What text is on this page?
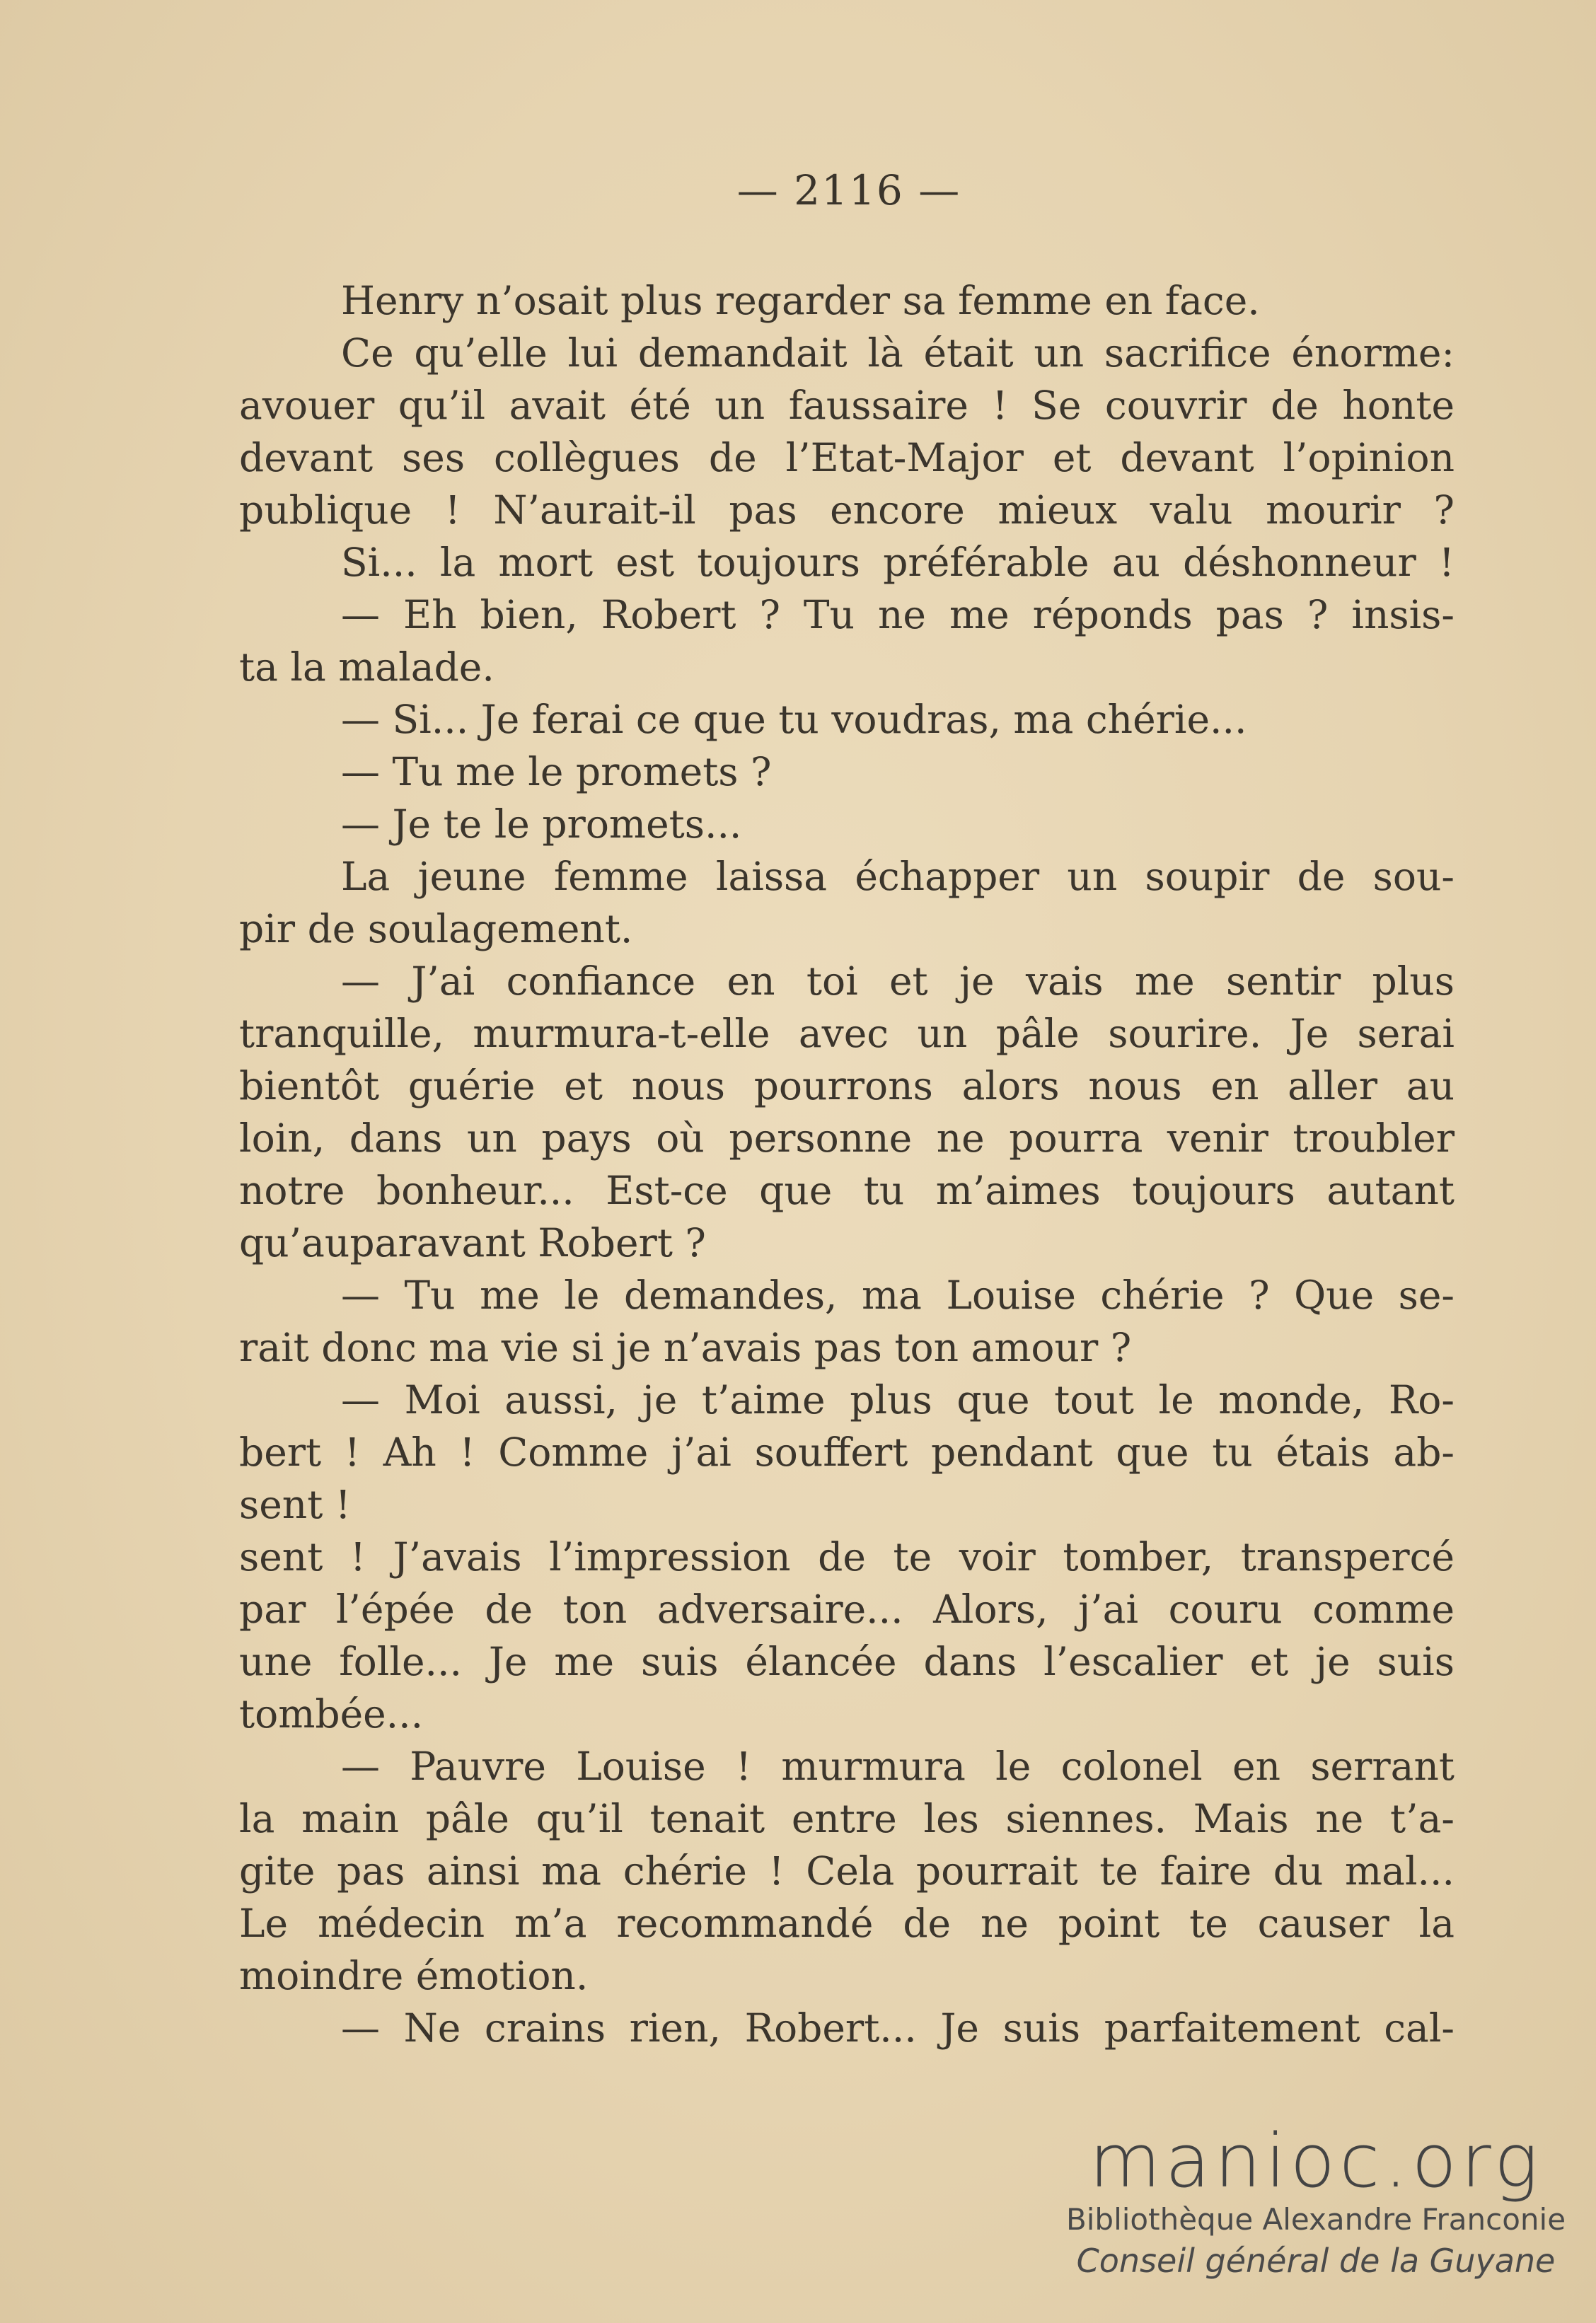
— 2116 —
Henry n’osait plus regarder sa femme en face.
Ce qu’elle lui demandait là était un sacrifice énorme:
avouer qu’il avait été un faussaire ! Se couvrir de honte
devant ses collègues de l’Etat-Major et devant l’opinion
publique ! N’aurait-il pas encore mieux valu mourir ?
Si... la mort est toujours préférable au déshonneur !
— Eh bien, Robert ? Tu ne me réponds pas ? insis-
ta la malade.
— Si... Je ferai ce que tu voudras, ma chérie...
— Tu me le promets ?
— Je te le promets...
La jeune femme laissa échapper un soupir de sou-
pir de soulagement.
— J’ai confiance en toi et je vais me sentir plus
tranquille, murmura-t-elle avec un pâle sourire. Je serai
bientôt guérie et nous pourrons alors nous en aller au
loin, dans un pays où personne ne pourra venir troubler
notre bonheur... Est-ce que tu m’aimes toujours autant
qu’auparavant Robert ?
— Tu me le demandes, ma Louise chérie ? Que se-
rait donc ma vie si je n’avais pas ton amour ?
— Moi aussi, je t’aime plus que tout le monde, Ro-
bert ! Ah ! Comme j’ai souffert pendant que tu étais ab-
sent !
sent ! J’avais l’impression de te voir tomber, transpercé
par l’épée de ton adversaire... Alors, j’ai couru comme
une folle... Je me suis élancée dans l’escalier et je suis
tombée...
— Pauvre Louise ! murmura le colonel en serrant
la main pâle qu’il tenait entre les siennes. Mais ne t’a-
gite pas ainsi ma chérie ! Cela pourrait te faire du mal...
Le médecin m’a recommandé de ne point te causer la
moindre émotion.
— Ne crains rien, Robert... Je suis parfaitement cal-
manioc.org
Bibliothèque Alexandre Franconie
Conseil général de la Guyane
